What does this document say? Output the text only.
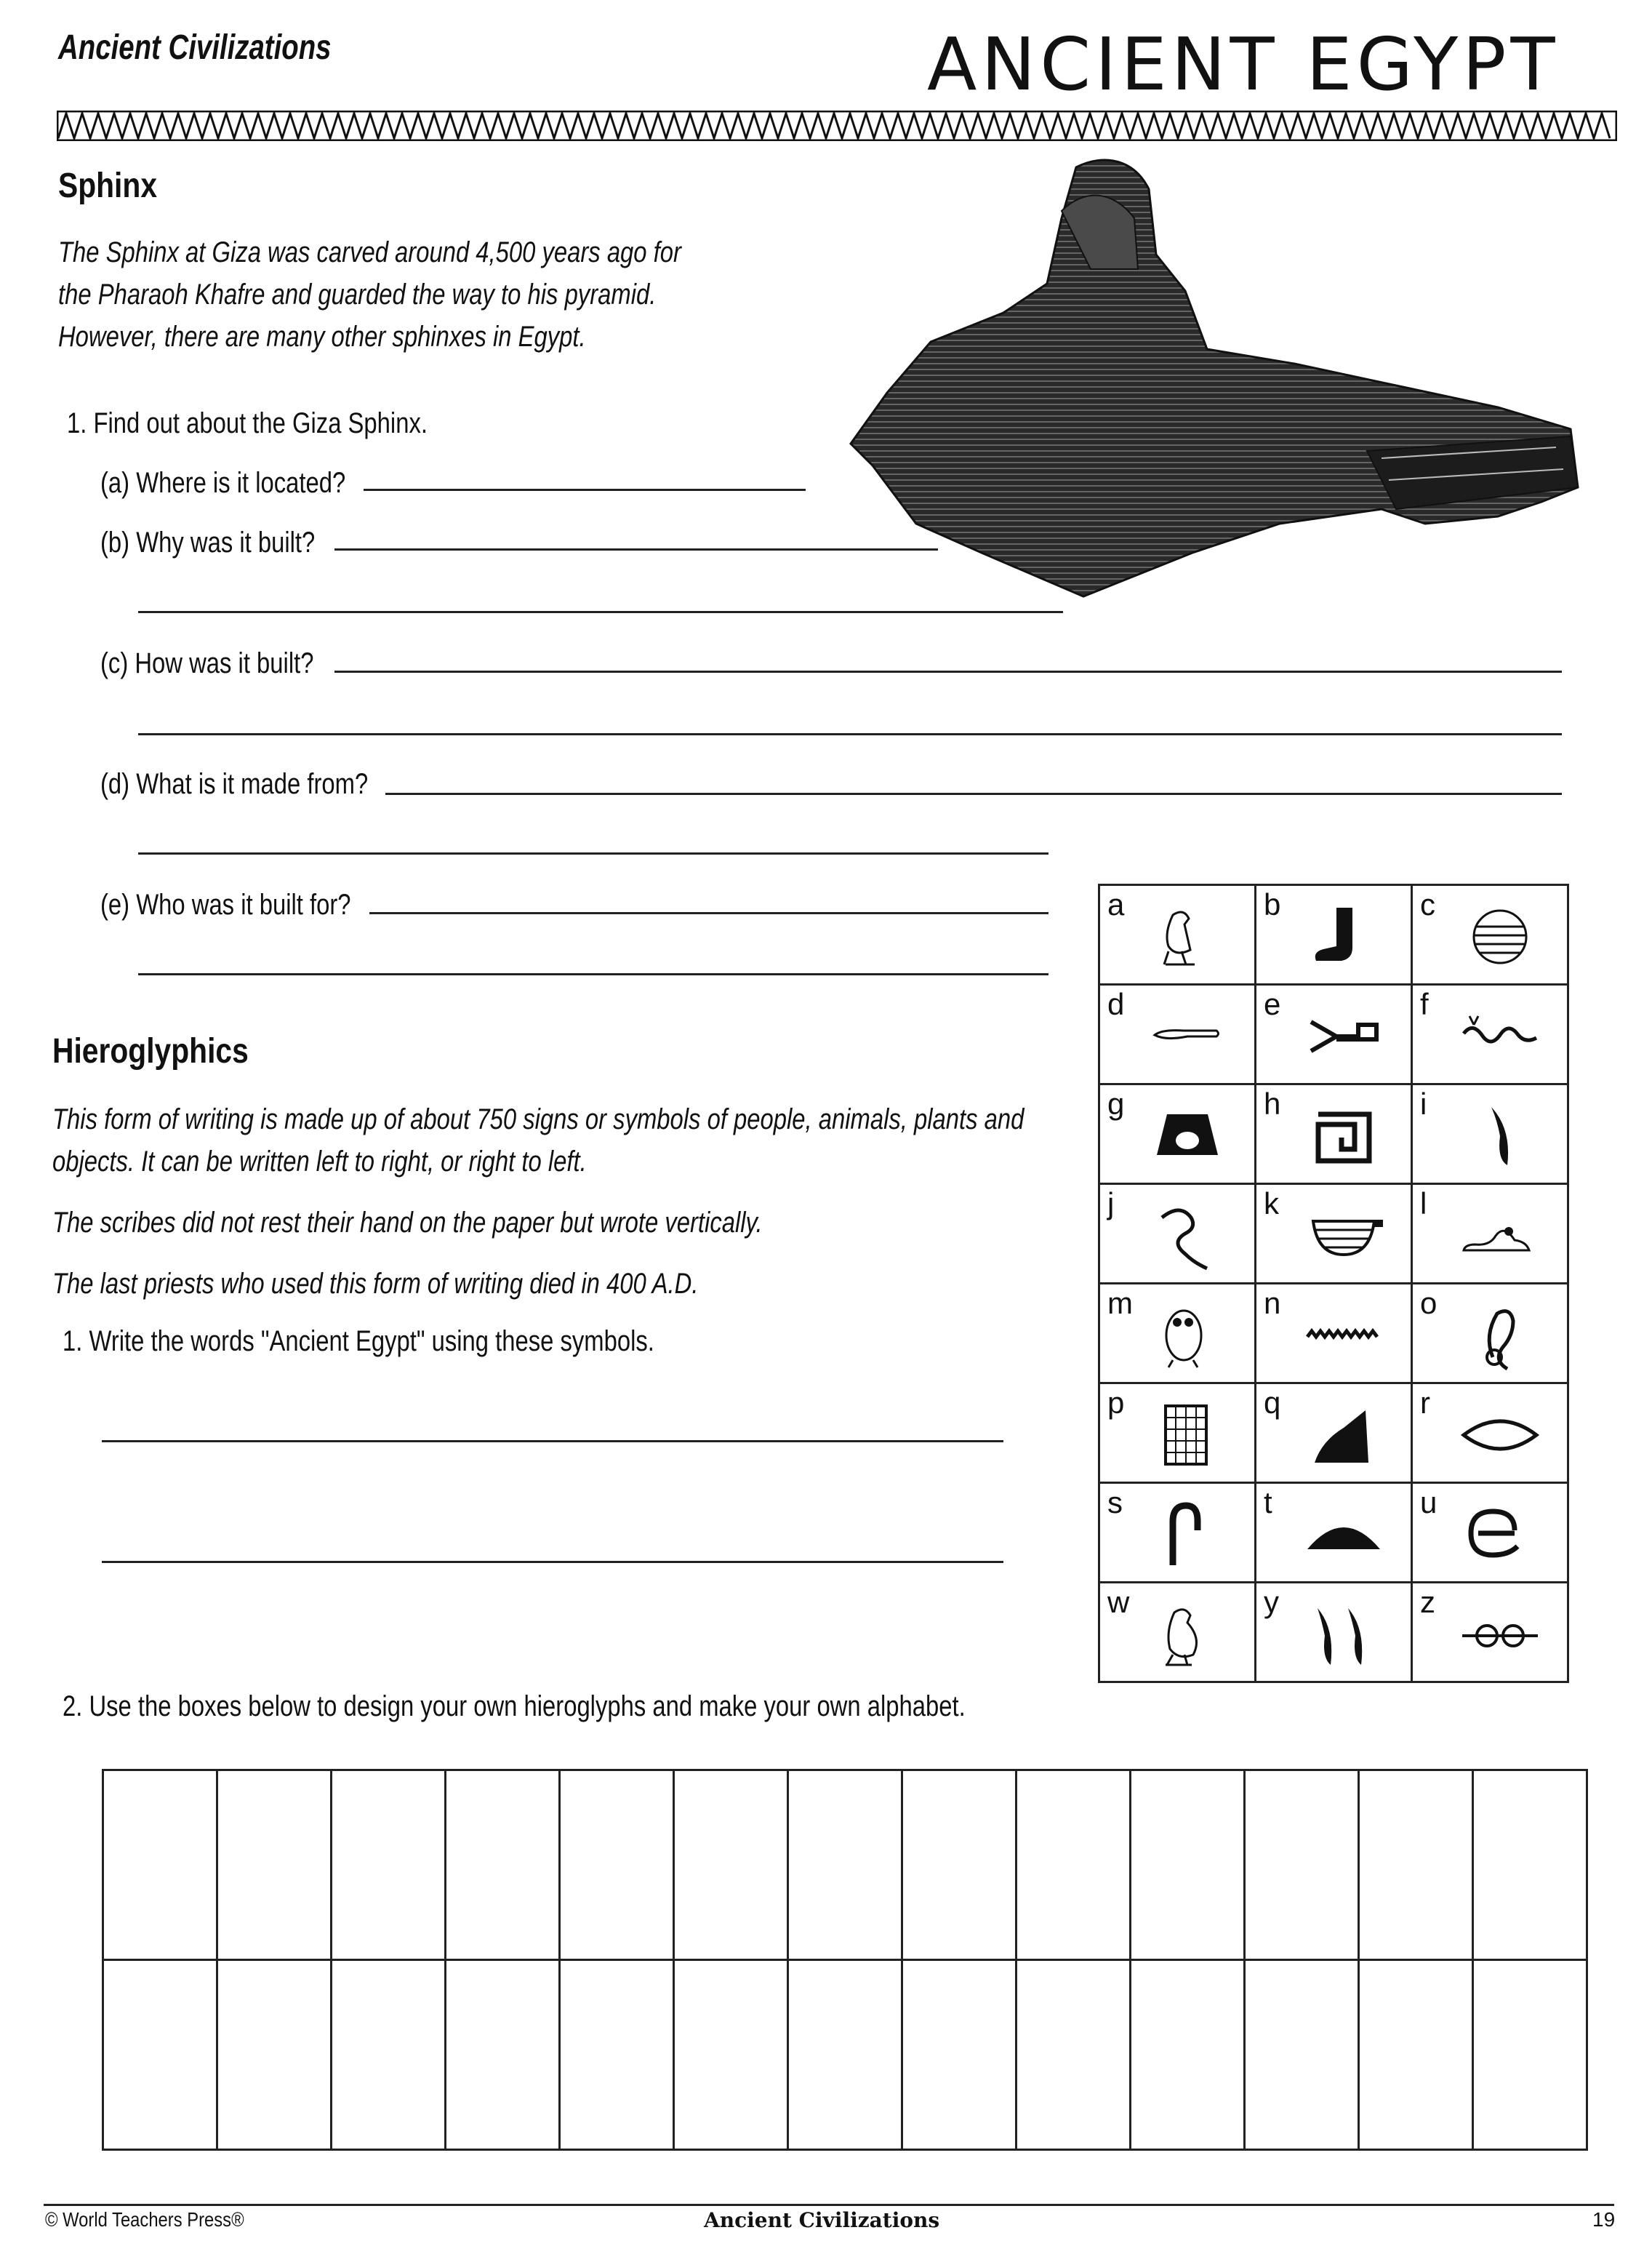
Ancient Civilizations	ANCIENT EGYPT
Sphinx
The Sphinx at Giza was carved around 4,500 years ago for
the Pharaoh Khafre and guarded the way to his pyramid.
However, there are many other sphinxes in Egypt.
1. Find out about the Giza Sphinx.
(a) Where is it located?
(b) Why was it built?
(c) How was it built?
(d) What is it made from?
(e) Who was it built for?
Hieroglyphics
This form of writing is made up of about 750 signs or symbols of people, animals, plants and
objects. It can be written left to right, or right to left.
The scribes did not rest their hand on the paper but wrote vertically.
The last priests who used this form of writing died in 400 A.D.
1. Write the words "Ancient Egypt" using these symbols.
a	b	c

d	e	f

g	h	i

j	k	l

m	n	o

p	q	r

s	t	u

w	y	z
2. Use the boxes below to design your own hieroglyphs and make your own alphabet.

© World Teachers Press®	Ancient Civilizations	19
